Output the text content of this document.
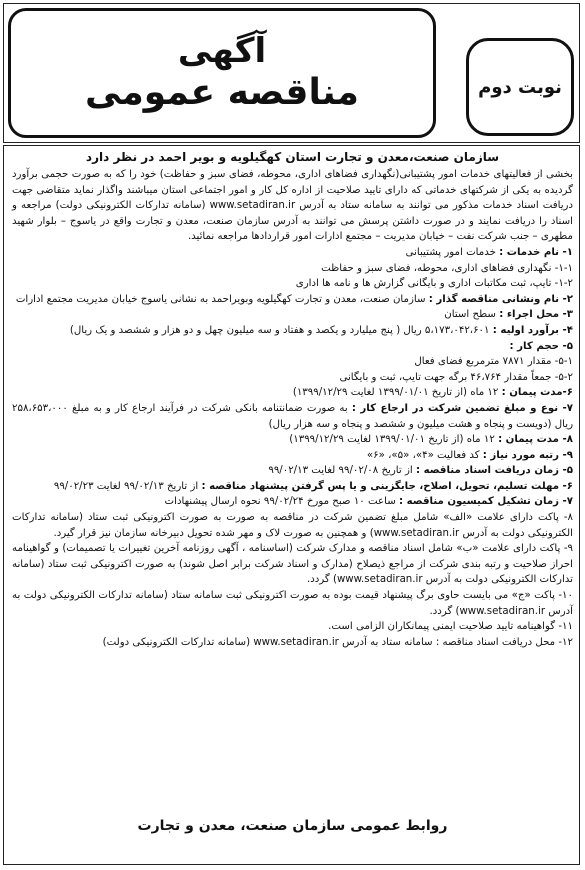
آگهی
مناقصه عمومی	نوبت دوم
سازمان صنعت،معدن و تجارت استان کهگیلویه و بویر احمد در نظر دارد

بخشی از فعالیتهای خدمات امور پشتیبانی(نگهداری فضاهای اداری، محوطه، فضای سبز و حفاظت) خود را که به صورت حجمی برآورد گردیده به یکی از شرکتهای خدماتی که دارای تایید صلاحیت از اداره کل کار و امور اجتماعی استان میباشند واگذار نماید متقاضی جهت دریافت اسناد خدمات مذکور می توانند به سامانه ستاد به آدرس www.setadiran.ir (سامانه تدارکات الکترونیکی دولت) مراجعه و اسناد را دریافت نمایند و در صورت داشتن پرسش می توانند به آدرس سازمان صنعت، معدن و تجارت واقع در یاسوج – بلوار شهید مطهری – جنب شرکت نفت – خیابان مدیریت – مجتمع ادارات امور قراردادها مراجعه نمائید.

۱- نام خدمات : خدمات امور پشتیبانی

۱-۱- نگهداری فضاهای اداری، محوطه، فضای سبز و حفاظت

۱-۲- تایپ، ثبت مکاتبات اداری و بایگانی گزارش ها و نامه ها اداری

۲- نام ونشانی مناقصه گذار : سازمان صنعت، معدن و تجارت کهگیلویه وبویراحمد به نشانی یاسوج خیابان مدیریت مجتمع ادارات

۳- محل اجراء : سطح استان

۴- برآورد اولیه : ۵،۱۷۳،۰۴۲،۶۰۱ ریال ( پنج میلیارد و یکصد و هفتاد و سه میلیون چهل و دو هزار و ششصد و یک ریال)

۵- حجم کار :

۵-۱- مقدار ۷۸۷۱ مترمربع فضای فعال

۵-۲- جمعاً مقدار ۴۶،۷۶۴ برگه جهت تایپ، ثبت و بایگانی

۶-مدت پیمان : ۱۲ ماه (از تاریخ ۱۳۹۹/۰۱/۰۱ لغایت ۱۳۹۹/۱۲/۲۹)

۷- نوع و مبلغ تضمین شرکت در ارجاع کار : به صورت ضمانتنامه بانکی شرکت در فرآیند ارجاع کار و به مبلغ ۲۵۸،۶۵۳،۰۰۰ ریال (دویست و پنجاه و هشت میلیون و ششصد و پنجاه و سه هزار ریال)

۸- مدت پیمان : ۱۲ ماه (از تاریخ ۱۳۹۹/۰۱/۰۱ لغایت ۱۳۹۹/۱۲/۲۹)

۹- رتبه مورد نیاز : کد فعالیت «۴»، «۵»، «۶»

۵- زمان دریافت اسناد مناقصه : از تاریخ ۹۹/۰۲/۰۸ لغایت ۹۹/۰۲/۱۳

۶- مهلت تسلیم، تحویل، اصلاح، جایگزینی و یا پس گرفتن پیشنهاد مناقصه : از تاریخ ۹۹/۰۲/۱۳ لغایت ۹۹/۰۲/۲۳

۷- زمان تشکیل کمیسیون مناقصه : ساعت ۱۰ صبح مورخ ۹۹/۰۲/۲۴ نحوه ارسال پیشنهادات

۸- پاکت دارای علامت «الف» شامل مبلغ تضمین شرکت در مناقصه به صورت به صورت اکترونیکی ثبت ستاد (سامانه تدارکات الکترونیکی دولت به آدرس www.setadiran.ir) و همچنین به صورت لاک و مهر شده تحویل دبیرخانه سازمان نیز قرار گیرد.

۹- پاکت دارای علامت «ب» شامل اسناد مناقصه و مدارک شرکت (اساسنامه ، آگهی روزنامه آخرین تغییرات یا تصمیمات) و گواهینامه احراز صلاحیت و رتبه بندی شرکت از مراجع ذیصلاح (مدارک و اسناد شرکت برابر اصل شوند) به صورت اکترونیکی ثبت ستاد (سامانه تدارکات الکترونیکی دولت به آدرس www.setadiran.ir) گردد.

۱۰- پاکت «ج» می بایست حاوی برگ پیشنهاد قیمت بوده به صورت اکترونیکی ثبت سامانه ستاد (سامانه تدارکات الکترونیکی دولت به آدرس www.setadiran.ir) گردد.

۱۱- گواهینامه تایید صلاحیت ایمنی پیمانکاران الزامی است.

۱۲- محل دریافت اسناد مناقصه : سامانه ستاد به آدرس www.setadiran.ir (سامانه تدارکات الکترونیکی دولت)

روابط عمومی سازمان صنعت، معدن و تجارت
